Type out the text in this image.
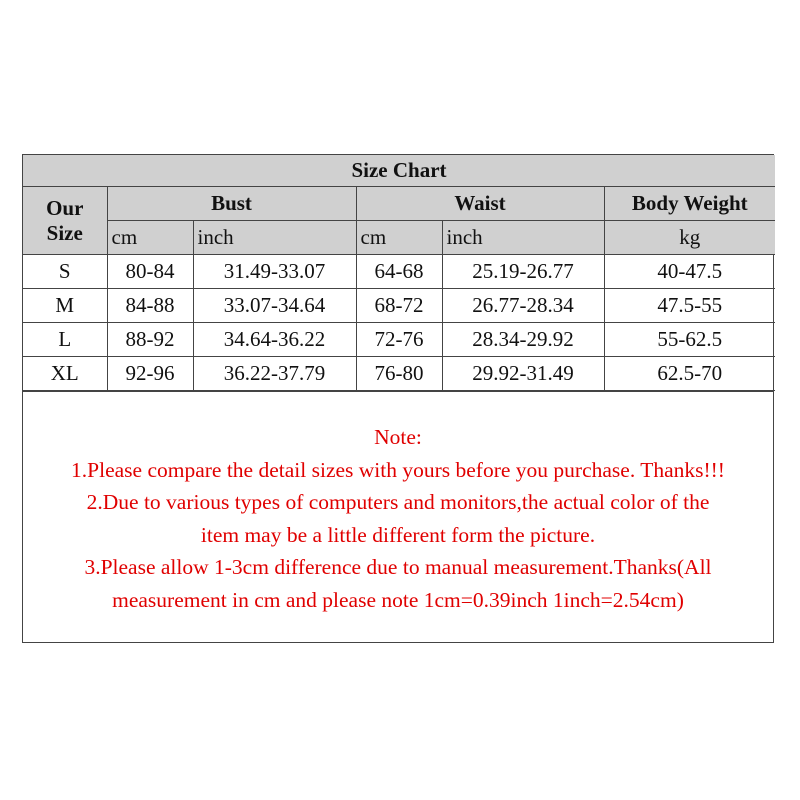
Size Chart					

Our
Size	Bust		Waist		Body Weight
	cm	inch	cm	inch	kg
S	80-84	31.49-33.07	64-68	25.19-26.77	40-47.5
M	84-88	33.07-34.64	68-72	26.77-28.34	47.5-55
L	88-92	34.64-36.22	72-76	28.34-29.92	55-62.5
XL	92-96	36.22-37.79	76-80	29.92-31.49	62.5-70
Note:
1.Please compare the detail sizes with yours before you purchase. Thanks!!!
2.Due to various types of computers and monitors,the actual color of the
item may be a little different form the picture.
3.Please allow 1-3cm difference due to manual measurement.Thanks(All
measurement in cm and please note 1cm=0.39inch 1inch=2.54cm)
